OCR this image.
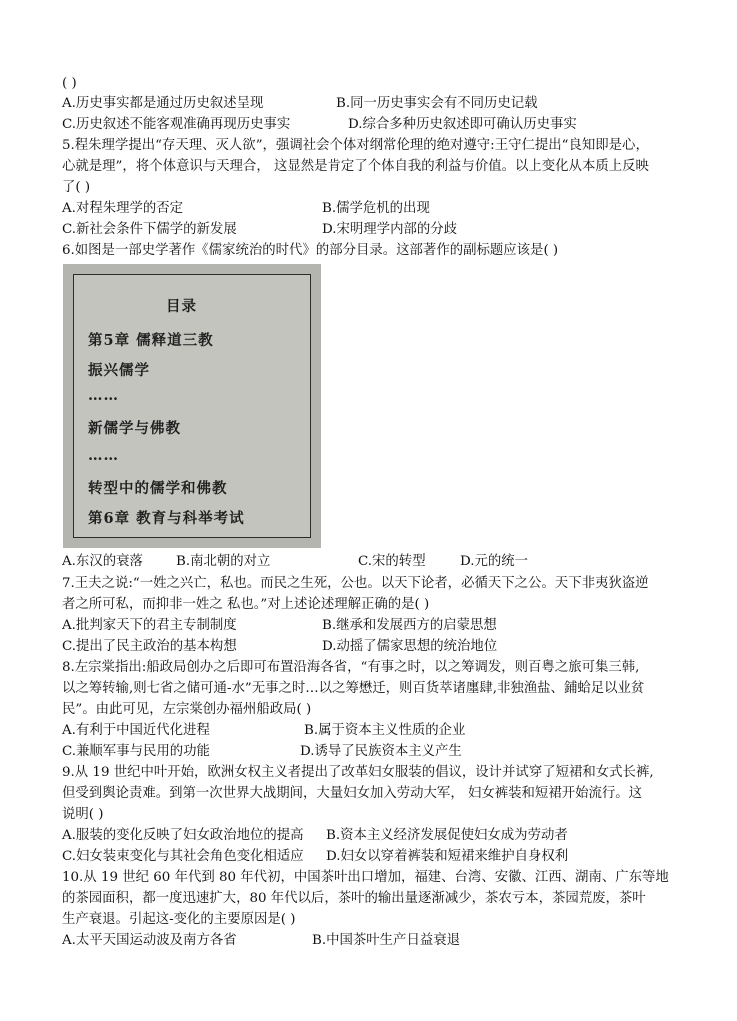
( )
A.历史事实都是通过历史叙述呈现	B.同一历史事实会有不同历史记载
C.历史叙述不能客观准确再现历史事实	D.综合多种历史叙述即可确认历史事实
5.程朱理学提出“存天理、灭人欲”，强调社会个体对纲常伦理的绝对遵守:王守仁提出“良知即是心，
心就是理”，将个体意识与天理合， 这显然是肯定了个体自我的利益与价值。以上变化从本质上反映
了( )
A.对程朱理学的否定	B.儒学危机的出现
C.新社会条件下儒学的新发展	D.宋明理学内部的分歧
6.如图是一部史学著作《儒家统治的时代》的部分目录。这部著作的副标题应该是( )
目录
第5章 儒释道三教
振兴儒学
……
新儒学与佛教
……
转型中的儒学和佛教
第6章 教育与科举考试
A.东汉的衰落 B.南北朝的对立	C.宋的转型	D.元的统一
7.王夫之说:“一姓之兴亡，私也。而民之生死，公也。以天下论者，必循天下之公。天下非夷狄盗逆
者之所可私，而抑非一姓之 私也。”对上述论述理解正确的是( )
A.批判家天下的君主专制制度	B.继承和发展西方的启蒙思想
C.提出了民主政治的基本构想	D.动摇了儒家思想的统治地位
8.左宗棠指出:船政局创办之后即可布置沿海各省，“有事之时，以之筹调发，则百粤之旅可集三韩,
以之筹转输,则七省之储可通-水”无事之时…以之筹懋迁，则百货萃诸廛肆,非独渔盐、鋪蛤足以业贫
民”。由此可见，左宗棠创办福州船政局( )
A.有利于中国近代化进程	B.属于资本主义性质的企业
C.兼顺军事与民用的功能	D.诱导了民族资本主义产生
9.从 19 世纪中叶开始，欧洲女权主义者提出了改革妇女服装的倡议，设计并试穿了短裙和女式长裤,
但受到舆论责难。到第一次世界大战期间，大量妇女加入劳动大军， 妇女裤装和短裙开始流行。这
说明( )
A.服装的变化反映了妇女政治地位的提高 B.资本主义经济发展促使妇女成为劳动者
C.妇女装束变化与其社会角色变化相适应 D.妇女以穿着裤装和短裙来维护自身权利
10.从 19 世纪 60 年代到 80 年代初，中国茶叶出口增加，福建、台湾、安徽、江西、湖南、广东等地
的茶园面积，都一度迅速扩大，80 年代以后，茶叶的输出量逐渐减少，茶农亏本，茶园荒废，茶叶
生产衰退。引起这-变化的主要原因是( )
A.太平天国运动波及南方各省	B.中国茶叶生产日益衰退
